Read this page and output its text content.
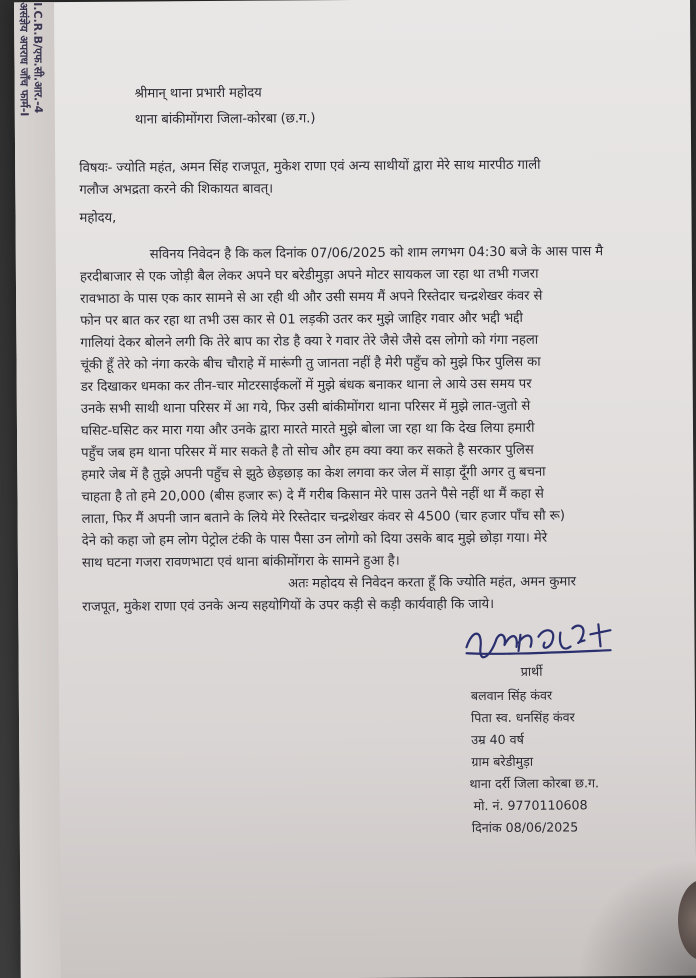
I.C.R.B/एफ.सी.आर.-4
असंज्ञेय अपराध जाँच फार्म-I	श्रीमान् थाना प्रभारी महोदय
थाना बांकीमोंगरा जिला-कोरबा (छ.ग.)
विषयः- ज्योति महंत, अमन सिंह राजपूत, मुकेश राणा एवं अन्य साथीयों द्वारा मेरे साथ मारपीठ गाली
गलौज अभद्रता करने की शिकायत बावत्।
महोदय,
सविनय निवेदन है कि कल दिनांक 07/06/2025 को शाम लगभग 04:30 बजे के आस पास मै
हरदीबाजार से एक जोड़ी बैल लेकर अपने घर बरेडीमुड़ा अपने मोटर सायकल जा रहा था तभी गजरा
रावभाठा के पास एक कार सामने से आ रही थी और उसी समय मैं अपने रिस्तेदार चन्द्रशेखर कंवर से
फोन पर बात कर रहा था तभी उस कार से 01 लड़की उतर कर मुझे जाहिर गवार और भद्दी भद्दी
गालियां देकर बोलने लगी कि तेरे बाप का रोड है क्या रे गवार तेरे जैसे जैसे दस लोगो को गंगा नहला
चूंकी हूँ तेरे को नंगा करके बीच चौराहे में मारूंगी तु जानता नहीं है मेरी पहुँच को मुझे फिर पुलिस का
डर दिखाकर धमका कर तीन-चार मोटरसाईकलों में मुझे बंधक बनाकर थाना ले आये उस समय पर
उनके सभी साथी थाना परिसर में आ गये, फिर उसी बांकीमोंगरा थाना परिसर में मुझे लात-जुतो से
घसिट-घसिट कर मारा गया और उनके द्वारा मारते मारते मुझे बोला जा रहा था कि देख लिया हमारी
पहुँच जब हम थाना परिसर में मार सकते है तो सोच और हम क्या क्या कर सकते है सरकार पुलिस
हमारे जेब में है तुझे अपनी पहुँच से झुठे छेड़छाड़ का केश लगवा कर जेल में साड़ा दूँगी अगर तु बचना
चाहता है तो हमे 20,000 (बीस हजार रू) दे मैं गरीब किसान मेरे पास उतने पैसे नहीं था मैं कहा से
लाता, फिर मैं अपनी जान बताने के लिये मेरे रिस्तेदार चन्द्रशेखर कंवर से 4500 (चार हजार पाँच सौ रू)
देने को कहा जो हम लोग पेट्रोल टंकी के पास पैसा उन लोगो को दिया उसके बाद मुझे छोड़ा गया। मेरे
साथ घटना गजरा रावणभाटा एवं थाना बांकीमोंगरा के सामने हुआ है।
अतः महोदय से निवेदन करता हूँ कि ज्योति महंत, अमन कुमार
राजपूत, मुकेश राणा एवं उनके अन्य सहयोगियों के उपर कड़ी से कड़ी कार्यवाही कि जाये।
प्रार्थी
बलवान सिंह कंवर
पिता स्व. धनसिंह कंवर
उम्र 40 वर्ष
ग्राम बरेडीमुड़ा
थाना दर्री जिला कोरबा छ.ग.
मो. नं. 9770110608
दिनांक 08/06/2025
